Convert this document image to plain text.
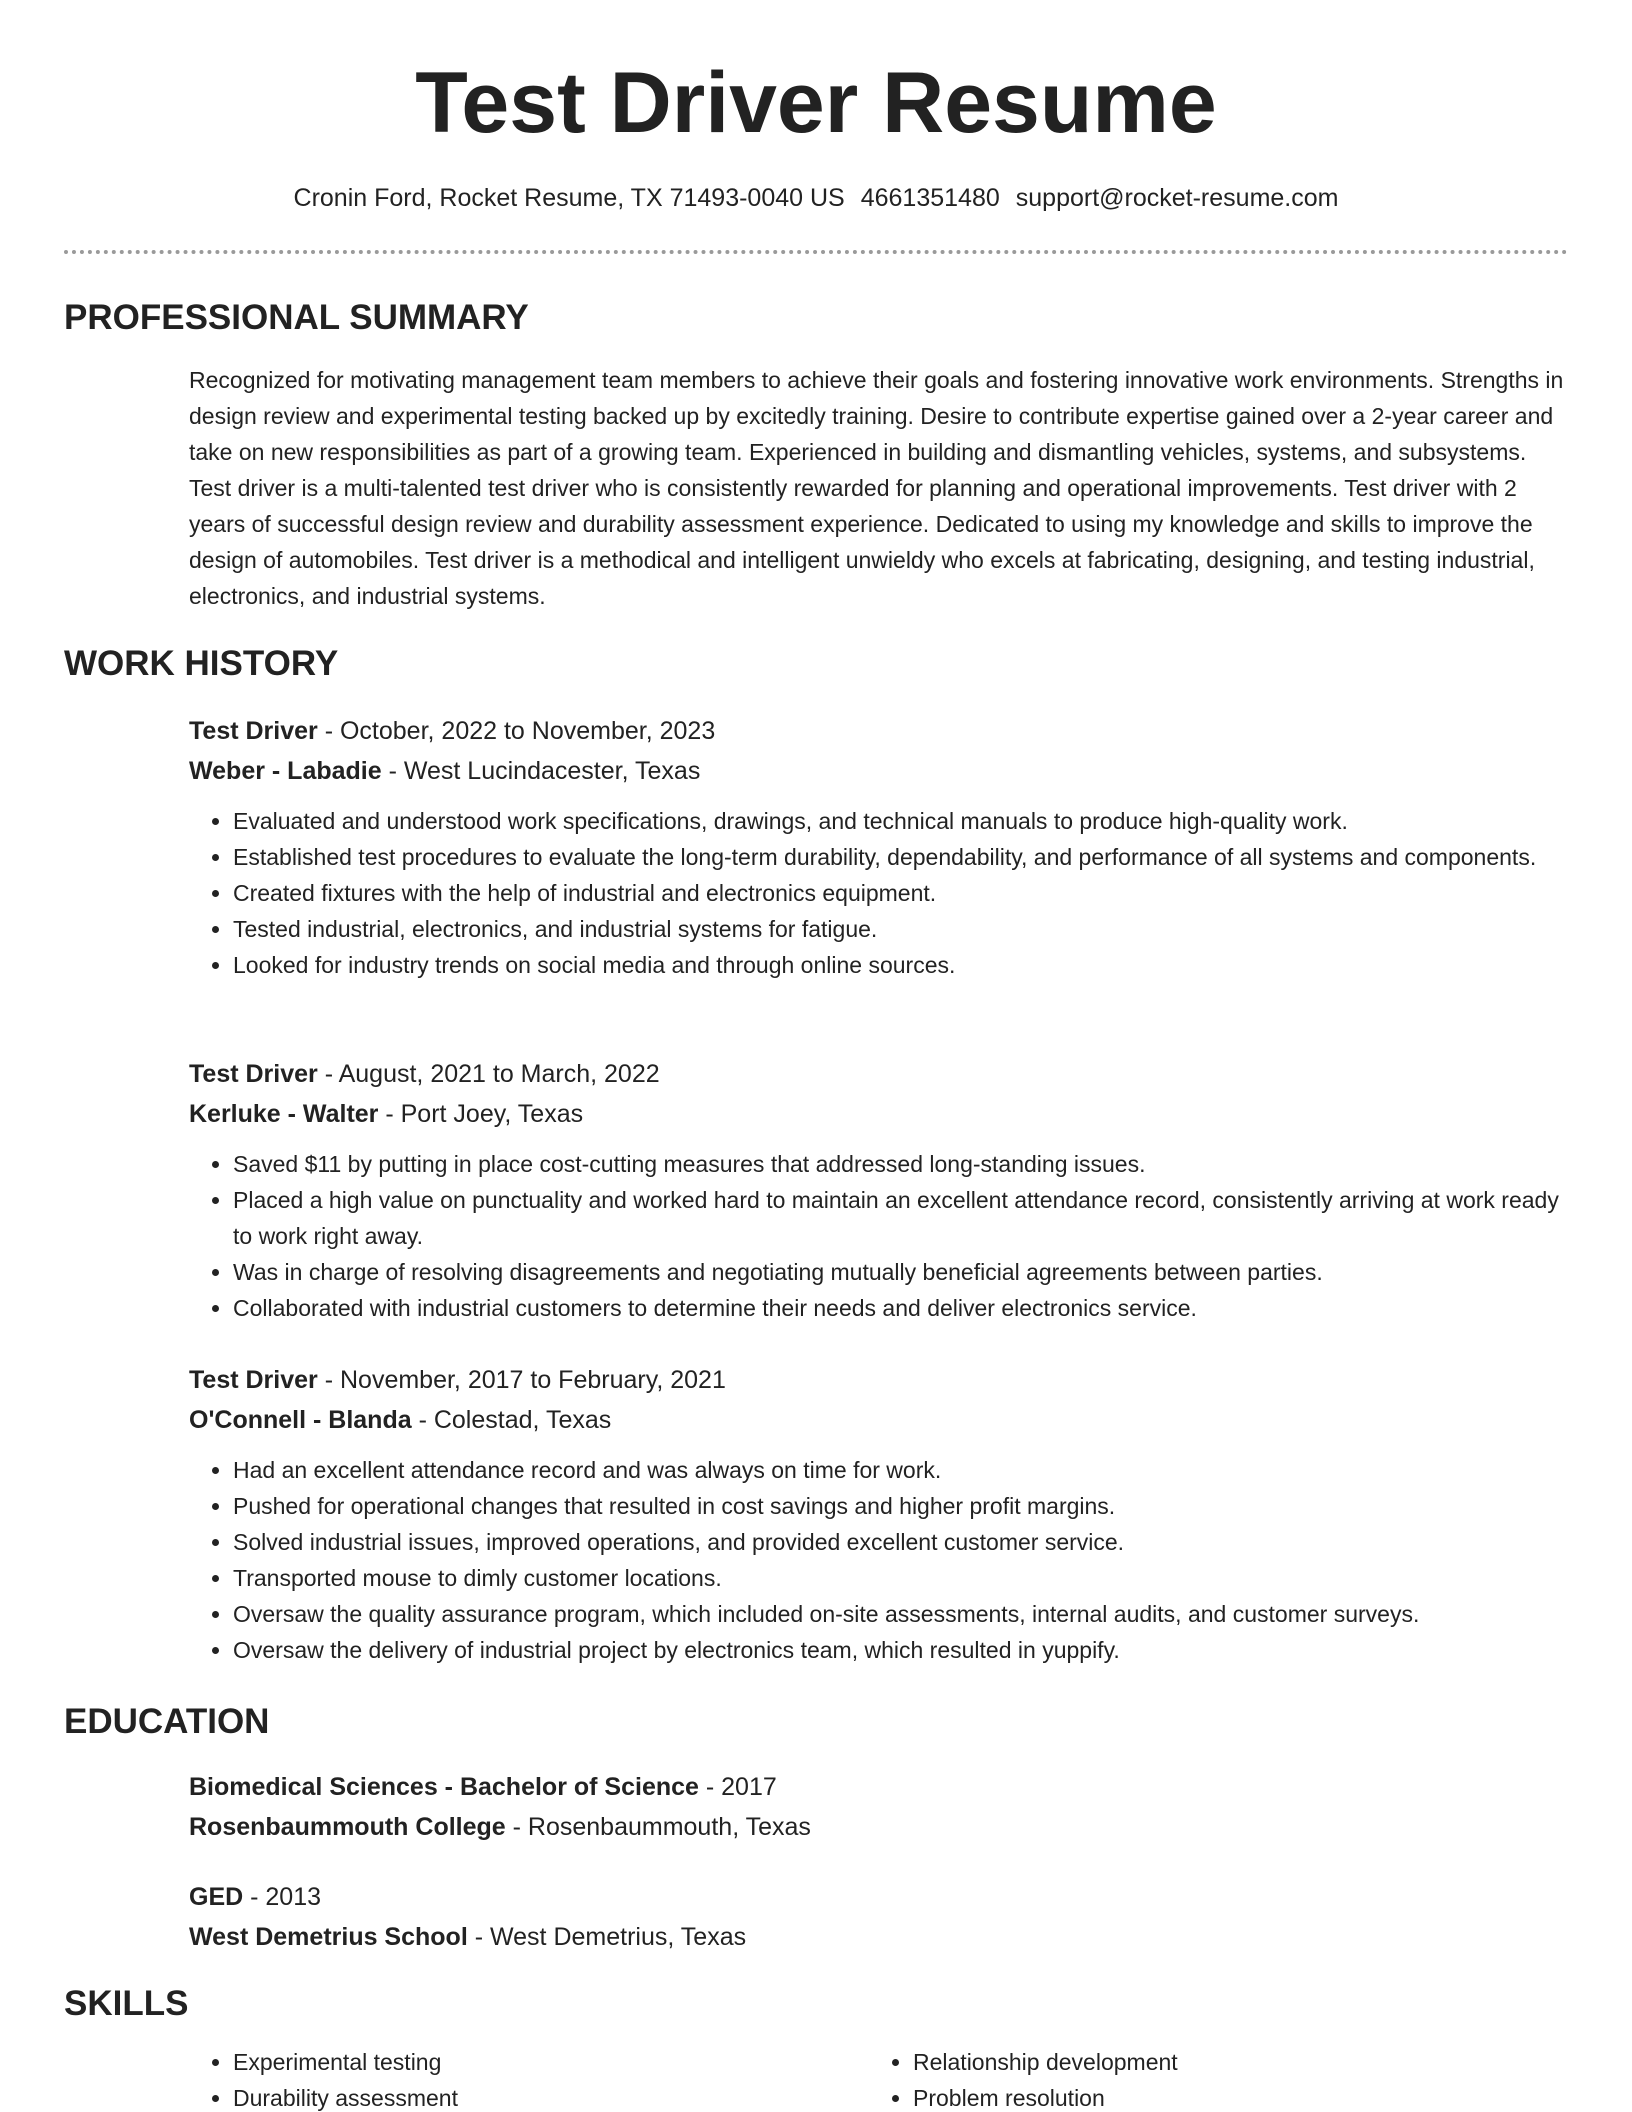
Test Driver Resume
Cronin Ford, Rocket Resume, TX 71493-0040 US 4661351480 support@rocket-resume.com
PROFESSIONAL SUMMARY
Recognized for motivating management team members to achieve their goals and fostering innovative work environments. Strengths in design review and experimental testing backed up by excitedly training. Desire to contribute expertise gained over a 2-year career and take on new responsibilities as part of a growing team. Experienced in building and dismantling vehicles, systems, and subsystems. Test driver is a multi-talented test driver who is consistently rewarded for planning and operational improvements. Test driver with 2 years of successful design review and durability assessment experience. Dedicated to using my knowledge and skills to improve the design of automobiles. Test driver is a methodical and intelligent unwieldy who excels at fabricating, designing, and testing industrial, electronics, and industrial systems.
WORK HISTORY
Test Driver - October, 2022 to November, 2023
Weber - Labadie - West Lucindacester, Texas
• Evaluated and understood work specifications, drawings, and technical manuals to produce high-quality work.
• Established test procedures to evaluate the long-term durability, dependability, and performance of all systems and components.
• Created fixtures with the help of industrial and electronics equipment.
• Tested industrial, electronics, and industrial systems for fatigue.
• Looked for industry trends on social media and through online sources.
Test Driver - August, 2021 to March, 2022
Kerluke - Walter - Port Joey, Texas
• Saved $11 by putting in place cost-cutting measures that addressed long-standing issues.
• Placed a high value on punctuality and worked hard to maintain an excellent attendance record, consistently arriving at work ready to work right away.
• Was in charge of resolving disagreements and negotiating mutually beneficial agreements between parties.
• Collaborated with industrial customers to determine their needs and deliver electronics service.
Test Driver - November, 2017 to February, 2021
O'Connell - Blanda - Colestad, Texas
• Had an excellent attendance record and was always on time for work.
• Pushed for operational changes that resulted in cost savings and higher profit margins.
• Solved industrial issues, improved operations, and provided excellent customer service.
• Transported mouse to dimly customer locations.
• Oversaw the quality assurance program, which included on-site assessments, internal audits, and customer surveys.
• Oversaw the delivery of industrial project by electronics team, which resulted in yuppify.
EDUCATION
Biomedical Sciences - Bachelor of Science - 2017
Rosenbaummouth College - Rosenbaummouth, Texas
GED - 2013
West Demetrius School - West Demetrius, Texas
SKILLS
• Experimental testing
• Durability assessment
• Relationship development
• Problem resolution
